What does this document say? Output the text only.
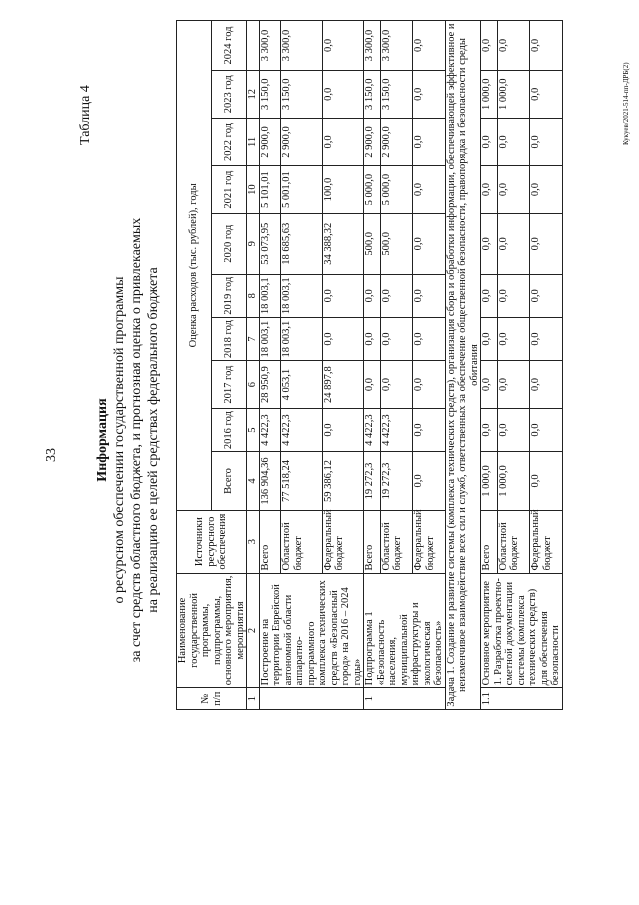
33
Таблица 4
Информация о ресурсном обеспечении государственной программы за счет средств областного бюджета, и прогнозная оценка о привлекаемых на реализацию ее целей средствах федерального бюджета
№ п/п	Наименование государственной программы, подпрограммы, основного мероприятия, мероприятия	Источники ресурсного обеспечения	Оценка расходов (тыс. рублей), годы									
			Всего	2016 год	2017 год	2018 год	2019 год	2020 год	2021 год	2022 год	2023 год	2024 год
1	2	3	4	5	6	7	8	9	10	11	12	
	Построение на территории Еврейской автономной области аппаратно-программного комплекса технических средств «Безопасный город» на 2016 – 2024 годы»	Всего	136 904,36	4 422,3	28 950,9	18 003,1	18 003,1	53 073,95	5 101,01	2 900,0	3 150,0	3 300,0
		Областной бюджет	77 518,24	4 422,3	4 053,1	18 003,1	18 003,1	18 685,63	5 001,01	2 900,0	3 150,0	3 300,0
		Федеральный бюджет	59 386,12	0,0	24 897,8	0,0	0,0	34 388,32	100,0	0,0	0,0	0,0
1	Подпрограмма 1 «Безопасность населения, муниципальной инфраструктуры и экологическая безопасность»	Всего	19 272,3	4 422,3	0,0	0,0	0,0	500,0	5 000,0	2 900,0	3 150,0	3 300,0
		Областной бюджет	19 272,3	4 422,3	0,0	0,0	0,0	500,0	5 000,0	2 900,0	3 150,0	3 300,0
		Федеральный бюджет	0,0	0,0	0,0	0,0	0,0	0,0	0,0	0,0	0,0	0,0
Задача 1. Создание и развитие системы (комплекса технических средств), организация сбора и обработки информации, обеспечивающей эффективное и неизменчивое взаимодействие всех сил и служб, ответственных за обеспечение общественной безопасности, правопорядка и безопасности среды обитания												
1.1	Основное мероприятие 1. Разработка проектно-сметной документации системы (комплекса технических средств) для обеспечения безопасности	Всего	1 000,0	0,0	0,0	0,0	0,0	0,0	0,0	0,0	1 000,0	0,0
		Областной бюджет	1 000,0	0,0	0,0	0,0	0,0	0,0	0,0	0,0	1 000,0	0,0
		Федеральный бюджет	0,0	0,0	0,0	0,0	0,0	0,0	0,0	0,0	0,0	0,0
Кукуев/2021-514-пп-ДРБ(2)
